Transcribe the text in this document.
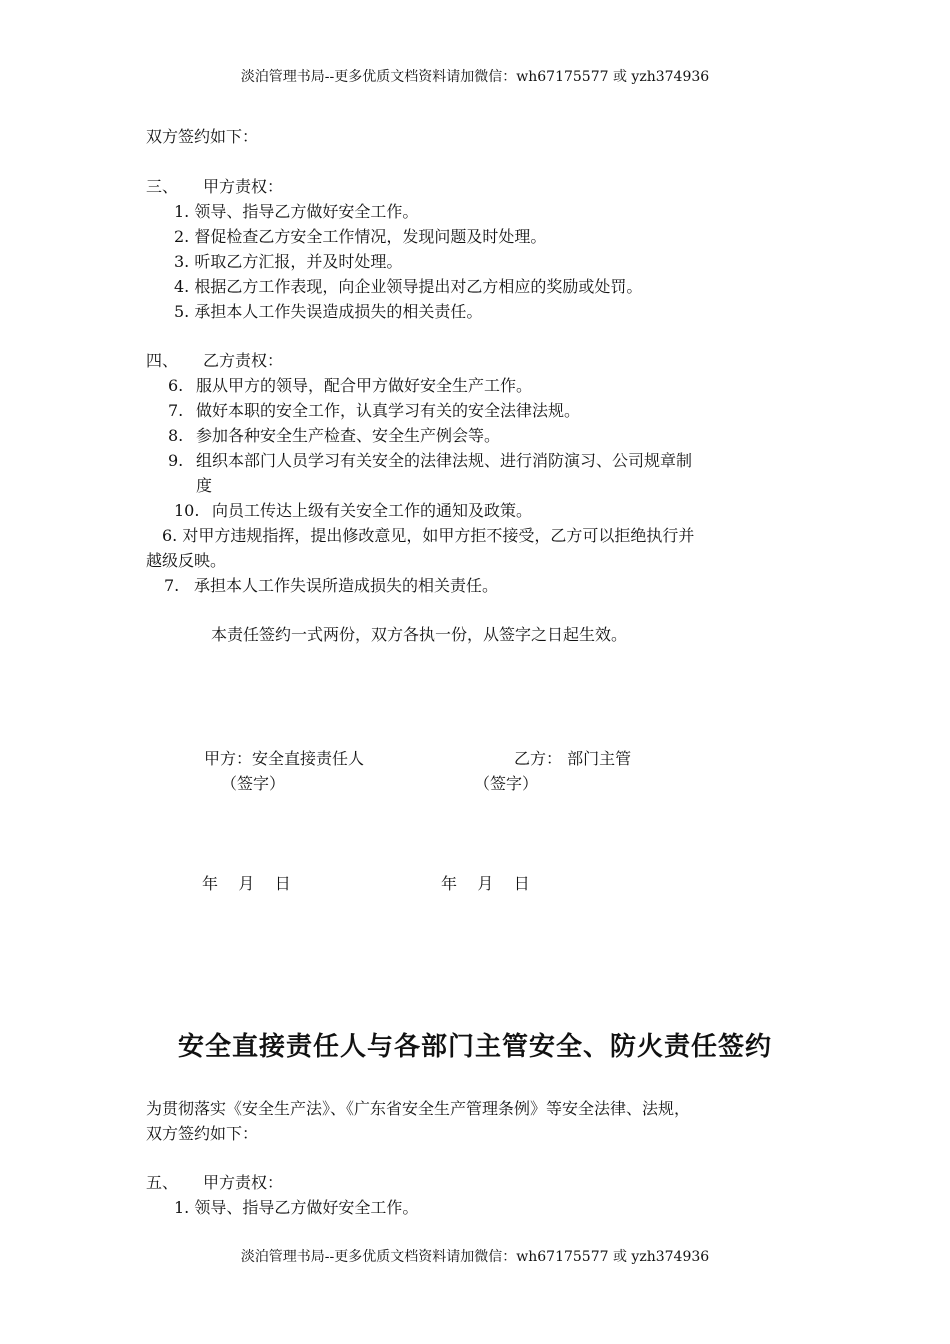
淡泊管理书局--更多优质文档资料请加微信：wh67175577 或 yzh374936
双方签约如下：
三、 甲方责权：
1. 领导、指导乙方做好安全工作。
2. 督促检查乙方安全工作情况，发现问题及时处理。
3. 听取乙方汇报，并及时处理。
4. 根据乙方工作表现，向企业领导提出对乙方相应的奖励或处罚。
5. 承担本人工作失误造成损失的相关责任。
四、 乙方责权：
6. 服从甲方的领导，配合甲方做好安全生产工作。
7. 做好本职的安全工作，认真学习有关的安全法律法规。
8. 参加各种安全生产检查、安全生产例会等。
9. 组织本部门人员学习有关安全的法律法规、进行消防演习、公司规章制
度
10. 向员工传达上级有关安全工作的通知及政策。
6. 对甲方违规指挥，提出修改意见，如甲方拒不接受，乙方可以拒绝执行并
越级反映。
7. 承担本人工作失误所造成损失的相关责任。
本责任签约一式两份，双方各执一份，从签字之日起生效。
甲方：安全直接责任人	乙方： 部门主管
（签字）	（签字）
年    月    日	年    月    日
安全直接责任人与各部门主管安全、防火责任签约
为贯彻落实《安全生产法》、《广东省安全生产管理条例》等安全法律、法规，
双方签约如下：
五、 甲方责权：
1. 领导、指导乙方做好安全工作。
淡泊管理书局--更多优质文档资料请加微信：wh67175577 或 yzh374936
